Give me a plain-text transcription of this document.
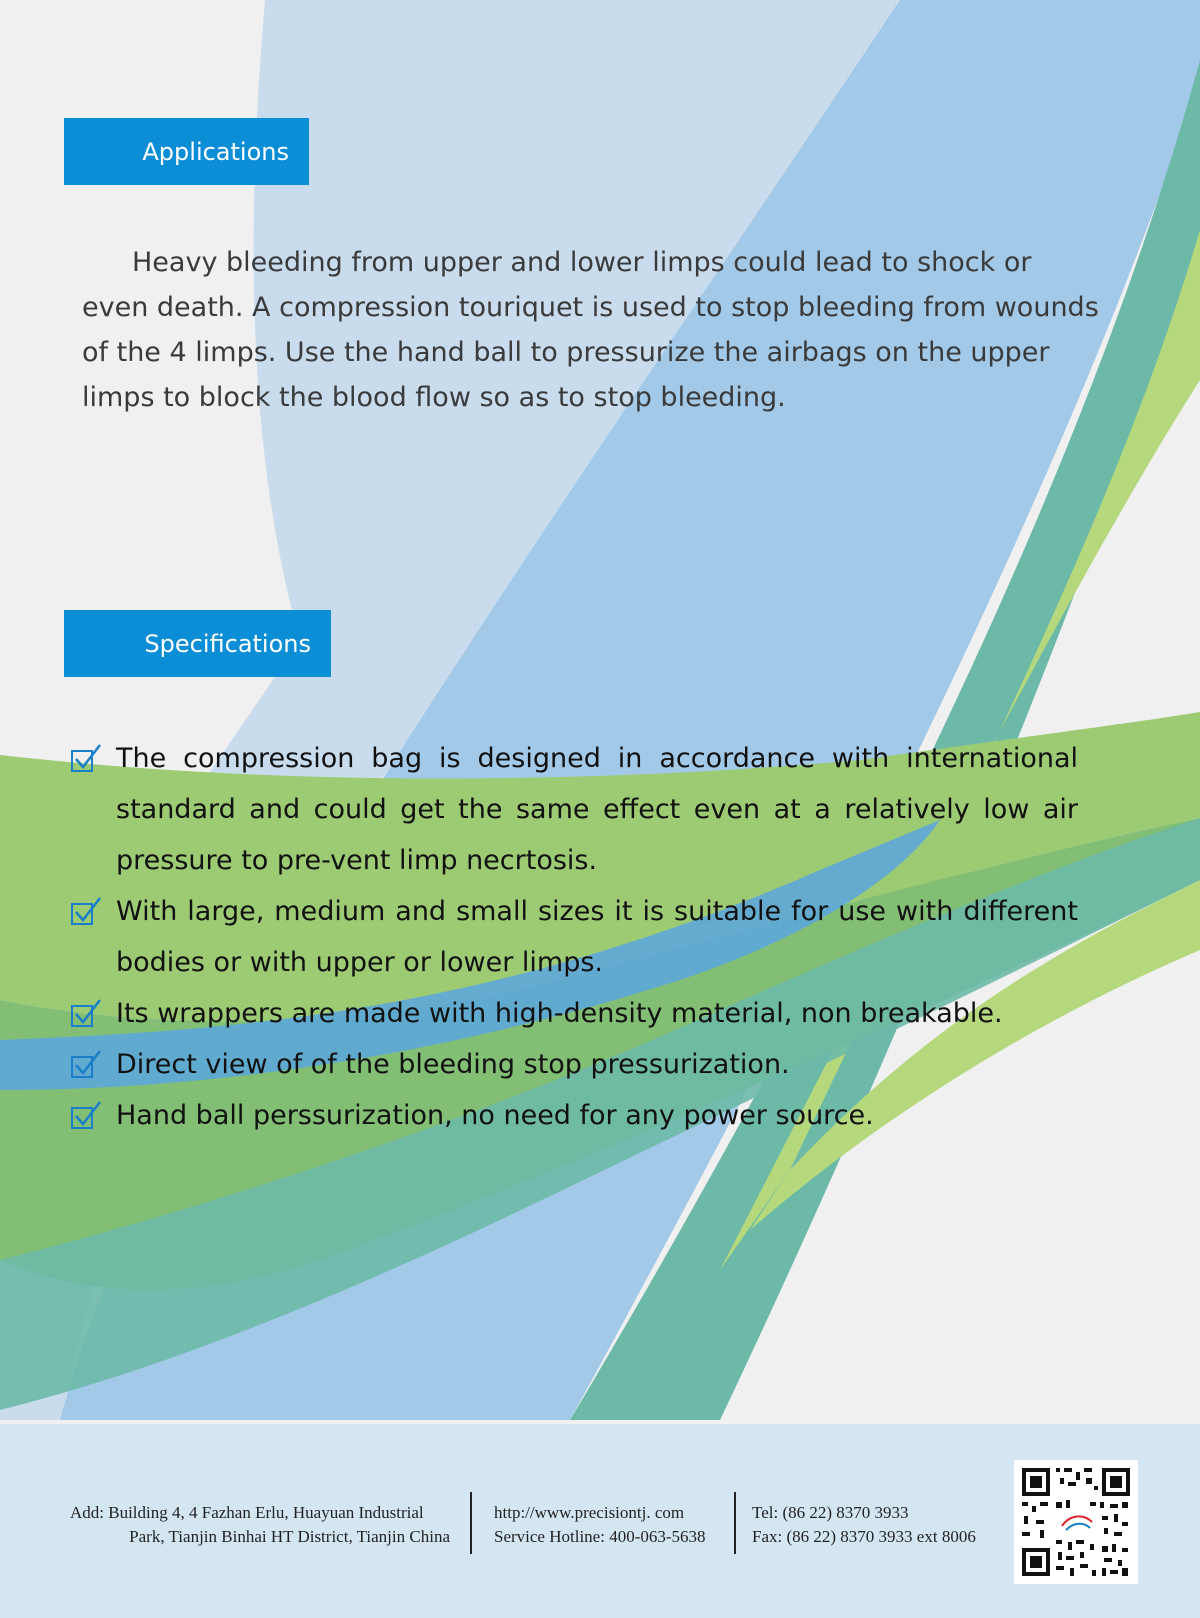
Applications

Heavy bleeding from upper and lower limps could lead to shock or even death. A compression touriquet is used to stop bleeding from wounds of the 4 limps. Use the hand ball to pressurize the airbags on the upper limps to block the blood flow so as to stop bleeding.

Specifications
The compression bag is designed in accordance with international standard and could get the same effect even at a relatively low air pressure to pre-vent limp necrtosis.
With large, medium and small sizes it is suitable for use with different bodies or with upper or lower limps.
Its wrappers are made with high-density material, non breakable.
Direct view of of the bleeding stop pressurization.
Hand ball perssurization, no need for any power source.
Add: Building 4, 4 Fazhan Erlu, Huayuan Industrial
Park, Tianjin Binhai HT District, Tianjin China
http://www.precisiontj. com
Service Hotline: 400-063-5638
Tel: (86 22) 8370 3933
Fax: (86 22) 8370 3933 ext 8006
